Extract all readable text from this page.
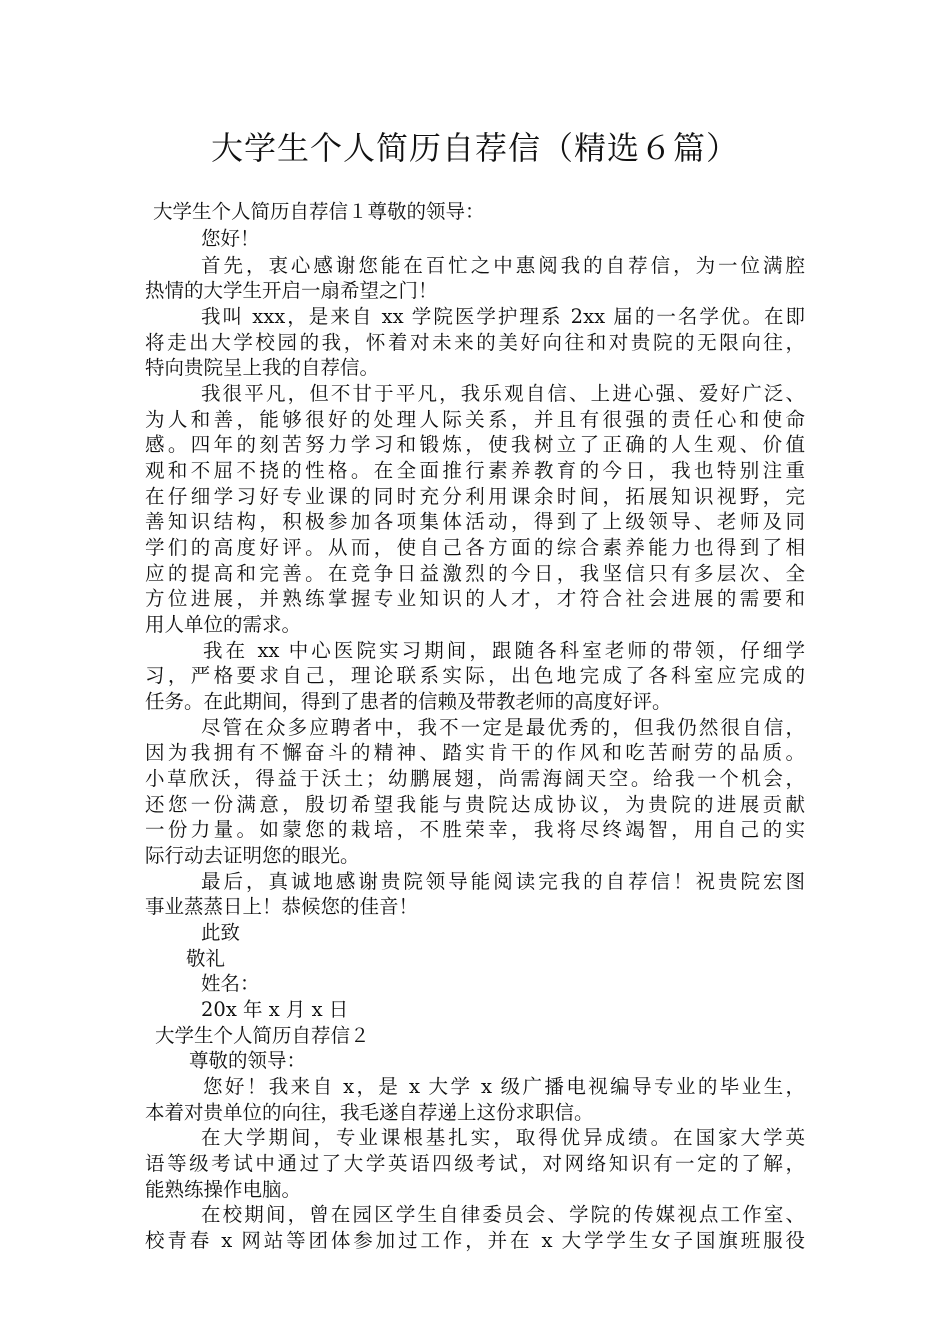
大学生个人简历自荐信（精选６篇）
大学生个人简历自荐信１尊敬的领导：
您好！
首先，衷心感谢您能在百忙之中惠阅我的自荐信，为一位满腔
热情的大学生开启一扇希望之门！
我叫 xxx，是来自 xx 学院医学护理系 2xx 届的一名学优。在即
将走出大学校园的我，怀着对未来的美好向往和对贵院的无限向往，
特向贵院呈上我的自荐信。
我很平凡，但不甘于平凡，我乐观自信、上进心强、爱好广泛、
为人和善，能够很好的处理人际关系，并且有很强的责任心和使命
感。四年的刻苦努力学习和锻炼，使我树立了正确的人生观、价值
观和不屈不挠的性格。在全面推行素养教育的今日，我也特别注重
在仔细学习好专业课的同时充分利用课余时间，拓展知识视野，完
善知识结构，积极参加各项集体活动，得到了上级领导、老师及同
学们的高度好评。从而，使自己各方面的综合素养能力也得到了相
应的提高和完善。在竞争日益激烈的今日，我坚信只有多层次、全
方位进展，并熟练掌握专业知识的人才，才符合社会进展的需要和
用人单位的需求。
我在 xx 中心医院实习期间，跟随各科室老师的带领，仔细学
习，严格要求自己，理论联系实际，出色地完成了各科室应完成的
任务。在此期间，得到了患者的信赖及带教老师的高度好评。
尽管在众多应聘者中，我不一定是最优秀的，但我仍然很自信，
因为我拥有不懈奋斗的精神、踏实肯干的作风和吃苦耐劳的品质。
小草欣沃，得益于沃土；幼鹏展翅，尚需海阔天空。给我一个机会，
还您一份满意，殷切希望我能与贵院达成协议，为贵院的进展贡献
一份力量。如蒙您的栽培，不胜荣幸，我将尽终竭智，用自己的实
际行动去证明您的眼光。
最后，真诚地感谢贵院领导能阅读完我的自荐信！祝贵院宏图
事业蒸蒸日上！恭候您的佳音！
此致
敬礼
姓名：
20x 年 x 月 x 日
大学生个人简历自荐信２
尊敬的领导：
您好！我来自 x，是 x 大学 x 级广播电视编导专业的毕业生，
本着对贵单位的向往，我毛遂自荐递上这份求职信。
在大学期间，专业课根基扎实，取得优异成绩。在国家大学英
语等级考试中通过了大学英语四级考试，对网络知识有一定的了解，
能熟练操作电脑。
在校期间，曾在园区学生自律委员会、学院的传媒视点工作室、
校青春 x 网站等团体参加过工作，并在 x 大学学生女子国旗班服役
